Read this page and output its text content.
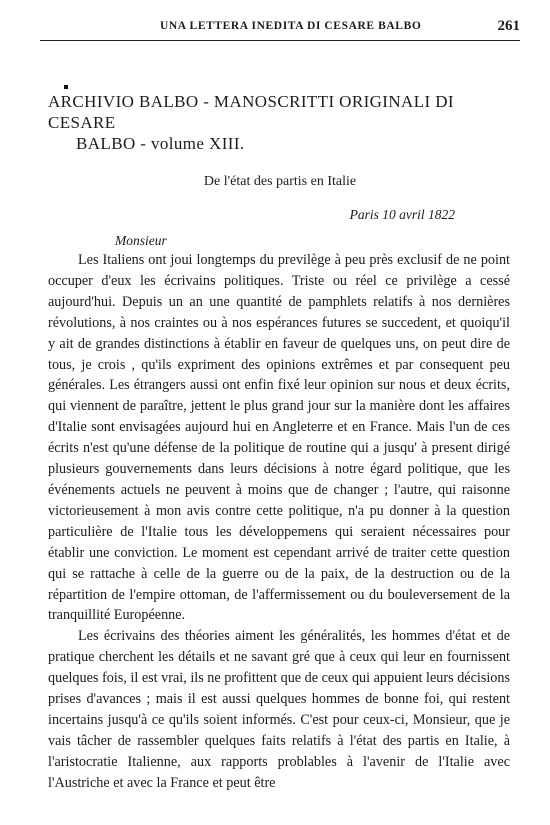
UNA LETTERA INEDITA DI CESARE BALBO	261
ARCHIVIO BALBO - MANOSCRITTI ORIGINALI DI CESARE
BALBO - volume XIII.
De l'état des partis en Italie
Paris 10 avril 1822
Monsieur

Les Italiens ont joui longtemps du previlège à peu près exclusif de ne point occuper d'eux les écrivains politiques. Triste ou réel ce privilège a cessé aujourd'hui. Depuis un an une quantité de pamphlets relatifs à nos dernières révolutions, à nos craintes ou à nos espérances futures se succedent, et quoiqu'il y ait de grandes distinctions à établir en faveur de quelques uns, on peut dire de tous, je crois , qu'ils expriment des opinions extrêmes et par consequent peu générales. Les étrangers aussi ont enfin fixé leur opinion sur nous et deux écrits, qui viennent de paraître, jettent le plus grand jour sur la manière dont les affaires d'Italie sont envisagées aujourd hui en Angleterre et en France. Mais l'un de ces écrits n'est qu'une défense de la politique de routine qui a jusqu' à present dirigé plusieurs gouvernements dans leurs décisions à notre égard politique, que les événements actuels ne peuvent à moins que de changer ; l'autre, qui raisonne victorieusement à mon avis contre cette politique, n'a pu donner à la question particulière de l'Italie tous les développemens qui seraient nécessaires pour établir une conviction. Le moment est cependant arrivé de traiter cette question qui se rattache à celle de la guerre ou de la paix, de la destruction ou de la répartition de l'empire ottoman, de l'affermissement ou du bouleversement de la tranquillité Européenne.

Les écrivains des théories aiment les généralités, les hommes d'état et de pratique cherchent les détails et ne savant gré que à ceux qui leur en fournissent quelques fois, il est vrai, ils ne profittent que de ceux qui appuient leurs décisions prises d'avances ; mais il est aussi quelques hommes de bonne foi, qui restent incertains jusqu'à ce qu'ils soient informés. C'est pour ceux-ci, Monsieur, que je vais tâcher de rassembler quelques faits relatifs à l'état des partis en Italie, à l'aristocratie Italienne, aux rapports problables à l'avenir de l'Italie avec l'Austriche et avec la France et peut être
